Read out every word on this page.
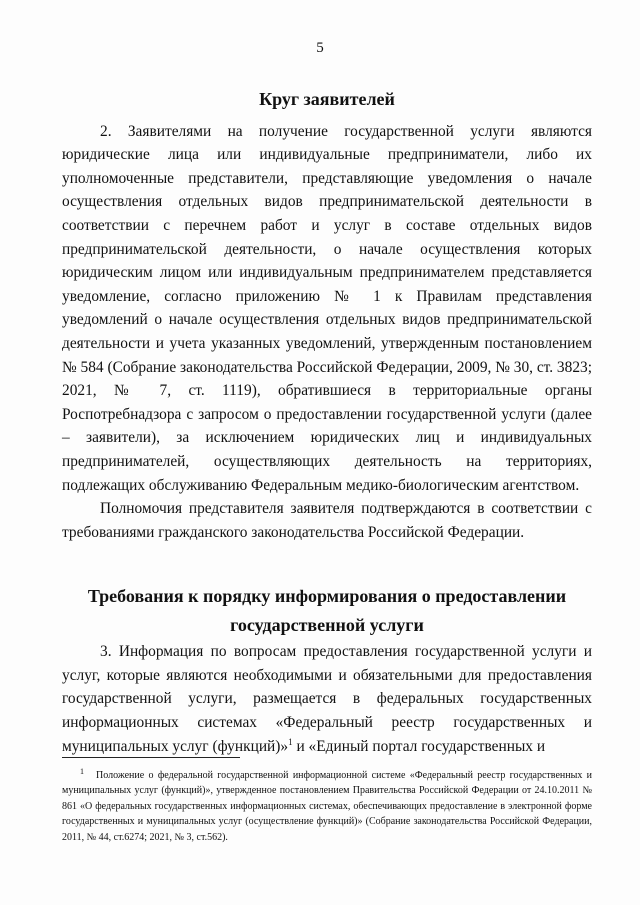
5
Круг заявителей

2. Заявителями на получение государственной услуги являются юридические лица или индивидуальные предприниматели, либо их уполномоченные представители, представляющие уведомления о начале осуществления отдельных видов предпринимательской деятельности в соответствии с перечнем работ и услуг в составе отдельных видов предпринимательской деятельности, о начале осуществления которых юридическим лицом или индивидуальным предпринимателем представляется уведомление, согласно приложению № 1 к Правилам представления уведомлений о начале осуществления отдельных видов предпринимательской деятельности и учета указанных уведомлений, утвержденным постановлением № 584 (Собрание законодательства Российской Федерации, 2009, № 30, ст. 3823; 2021, № 7, ст. 1119), обратившиеся в территориальные органы Роспотребнадзора с запросом о предоставлении государственной услуги (далее – заявители), за исключением юридических лиц и индивидуальных предпринимателей, осуществляющих деятельность на территориях, подлежащих обслуживанию Федеральным медико-биологическим агентством.

Полномочия представителя заявителя подтверждаются в соответствии с требованиями гражданского законодательства Российской Федерации.

Требования к порядку информирования о предоставлении
государственной услуги

3. Информация по вопросам предоставления государственной услуги и услуг, которые являются необходимыми и обязательными для предоставления государственной услуги, размещается в федеральных государственных информационных системах «Федеральный реестр государственных и муниципальных услуг (функций)»$^1$ и «Единый портал государственных и

$^1$ Положение о федеральной государственной информационной системе «Федеральный реестр государственных и муниципальных услуг (функций)», утвержденное постановлением Правительства Российской Федерации от 24.10.2011 № 861 «О федеральных государственных информационных системах, обеспечивающих предоставление в электронной форме государственных и муниципальных услуг (осуществление функций)» (Собрание законодательства Российской Федерации, 2011, № 44, ст.6274; 2021, № 3, ст.562).
